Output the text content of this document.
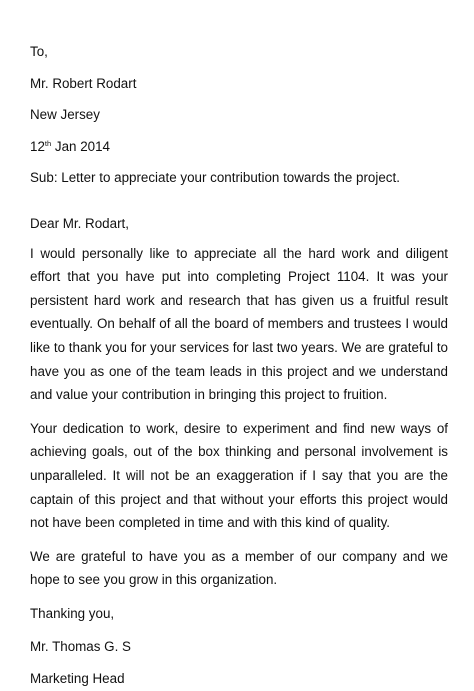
To,
Mr. Robert Rodart
New Jersey
12th Jan 2014
Sub: Letter to appreciate your contribution towards the project.
Dear Mr. Rodart,

I would personally like to appreciate all the hard work and diligent effort that you have put into completing Project 1104. It was your persistent hard work and research that has given us a fruitful result eventually. On behalf of all the board of members and trustees I would like to thank you for your services for last two years. We are grateful to have you as one of the team leads in this project and we understand and value your contribution in bringing this project to fruition.

Your dedication to work, desire to experiment and find new ways of achieving goals, out of the box thinking and personal involvement is unparalleled. It will not be an exaggeration if I say that you are the captain of this project and that without your efforts this project would not have been completed in time and with this kind of quality.

We are grateful to have you as a member of our company and we hope to see you grow in this organization.

Thanking you,
Mr. Thomas G. S
Marketing Head
